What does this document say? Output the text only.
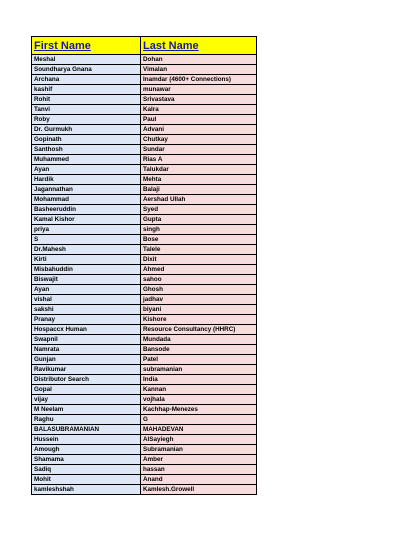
First Name	Last Name
Meshal	Dohan
Soundharya Gnana	Vimalan
Archana	Inamdar (4600+ Connections)
kashif	munawar
Rohit	Srivastava
Tanvi	Kalra
Roby	Paul
Dr. Gurmukh	Advani
Gopinath	Chutkay
Santhosh	Sundar
Muhammed	Rias A
Ayan	Talukdar
Hardik	Mehta
Jagannathan	Balaji
Mohammad	Aershad Ullah
Basheeruddin	Syed
Kamal Kishor	Gupta
priya	singh
S	Bose
Dr.Mahesh	Talele
Kirti	Dixit
Misbahuddin	Ahmed
Biswajit	sahoo
Ayan	Ghosh
vishal	jadhav
sakshi	biyani
Pranay	Kishore
Hospaccx Human	Resource Consultancy (HHRC)
Swapnil	Mundada
Namrata	Bansode
Gunjan	Patel
Ravikumar	subramanian
Distributor Search	India
Gopal	Kannan
vijay	vojhala
M Neelam	Kachhap-Menezes
Raghu	G
BALASUBRAMANIAN	MAHADEVAN
Hussein	AlSayiegh
Amough	Subramanian
Shamama	Amber
Sadiq	hassan
Mohit	Anand
kamleshshah	Kamlesh.Growell
